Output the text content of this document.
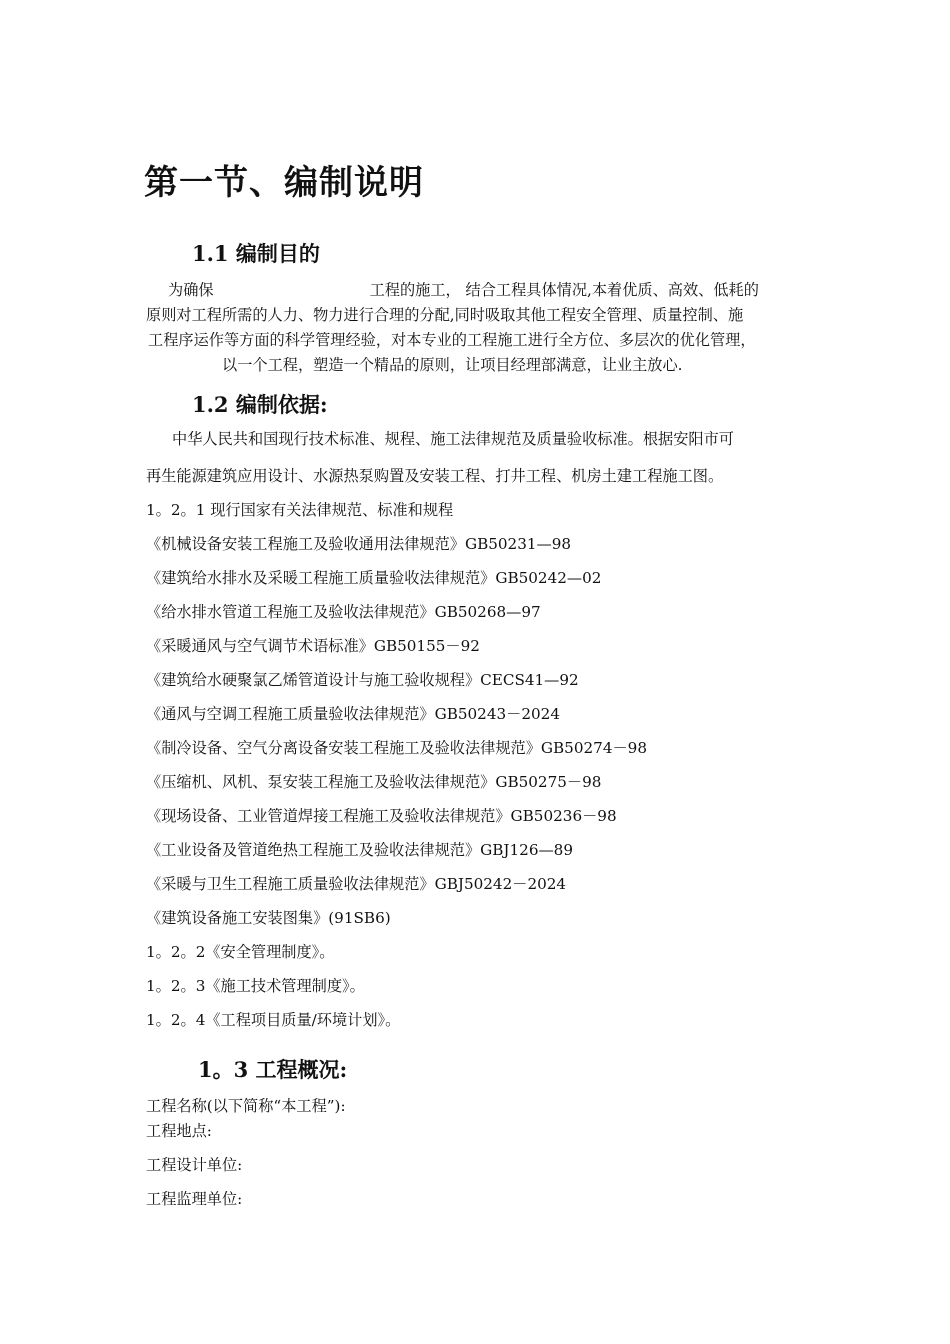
第一节、编制说明
1.1 编制目的
为确保	工程的施工， 结合工程具体情况,本着优质、高效、低耗的
原则对工程所需的人力、物力进行合理的分配,同时吸取其他工程安全管理、质量控制、施
工程序运作等方面的科学管理经验，对本专业的工程施工进行全方位、多层次的优化管理，
以一个工程，塑造一个精品的原则，让项目经理部满意，让业主放心.
1.2 编制依据:
中华人民共和国现行技术标准、规程、施工法律规范及质量验收标准。根据安阳市可
再生能源建筑应用设计、水源热泵购置及安装工程、打井工程、机房土建工程施工图。
1。2。1 现行国家有关法律规范、标准和规程
《机械设备安装工程施工及验收通用法律规范》GB50231—98
《建筑给水排水及采暖工程施工质量验收法律规范》GB50242—02
《给水排水管道工程施工及验收法律规范》GB50268—97
《采暖通风与空气调节术语标准》GB50155－92
《建筑给水硬聚氯乙烯管道设计与施工验收规程》CECS41—92
《通风与空调工程施工质量验收法律规范》GB50243－2024
《制冷设备、空气分离设备安装工程施工及验收法律规范》GB50274－98
《压缩机、风机、泵安装工程施工及验收法律规范》GB50275－98
《现场设备、工业管道焊接工程施工及验收法律规范》GB50236－98
《工业设备及管道绝热工程施工及验收法律规范》GBJ126—89
《采暖与卫生工程施工质量验收法律规范》GBJ50242－2024
《建筑设备施工安装图集》(91SB6)
1。2。2《安全管理制度》。
1。2。3《施工技术管理制度》。
1。2。4《工程项目质量/环境计划》。
1。3 工程概况:
工程名称(以下简称“本工程”):
工程地点:
工程设计单位:
工程监理单位:
